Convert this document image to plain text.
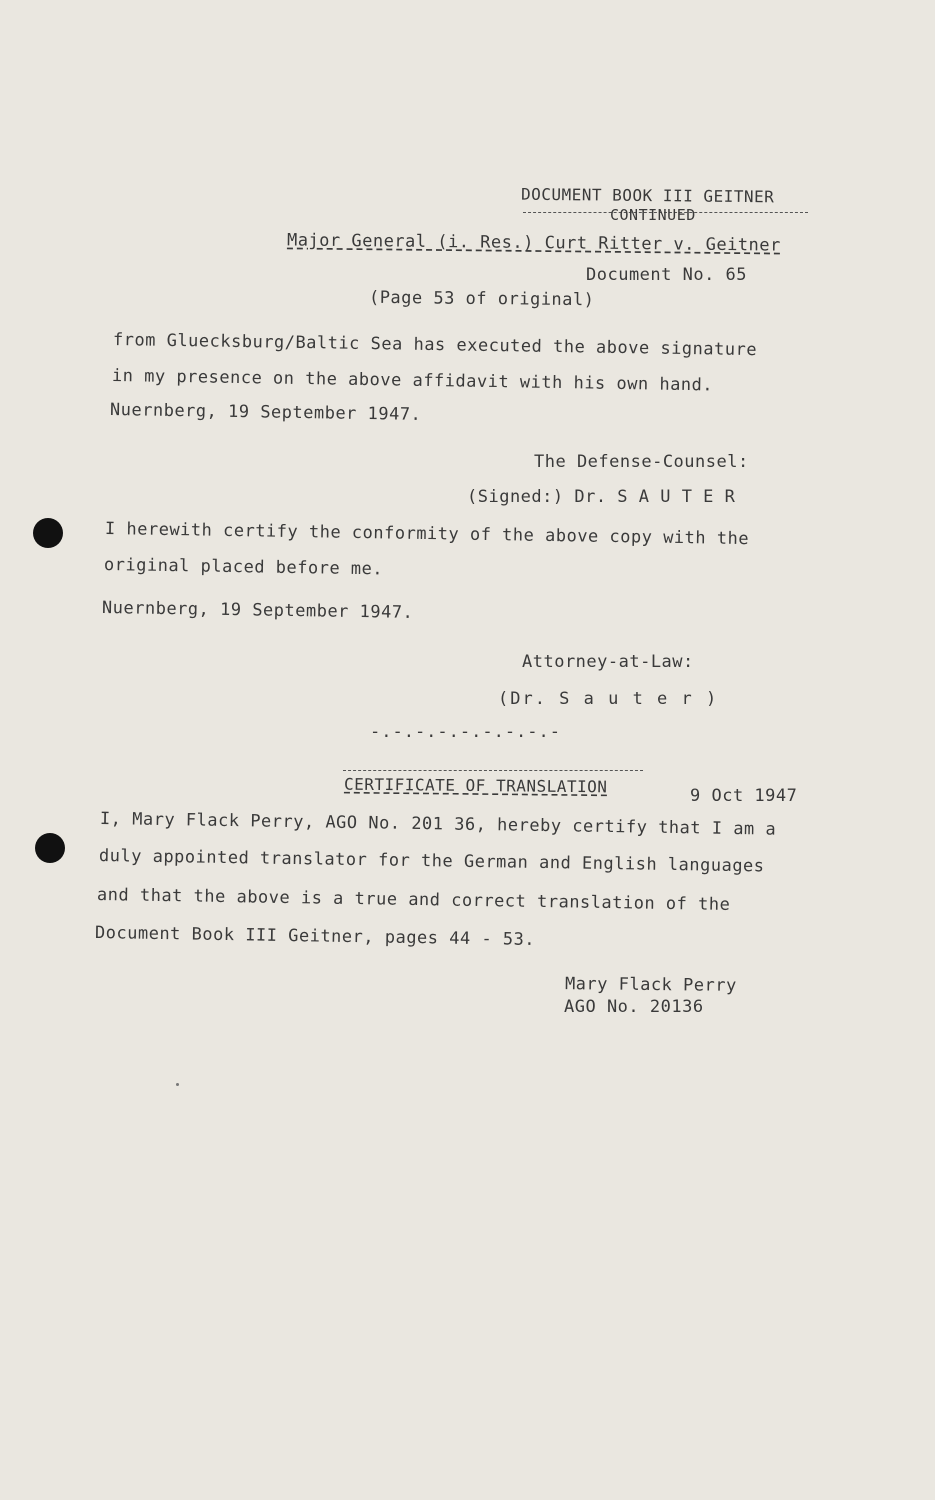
DOCUMENT BOOK III GEITNER
CONTINUED
Major General (i. Res.) Curt Ritter v. Geitner
Document No. 65
(Page 53 of original)
from Gluecksburg/Baltic Sea has executed the above signature
in my presence on the above affidavit with his own hand.
Nuernberg, 19 September 1947.
The Defense-Counsel:
(Signed:) Dr. S A U T E R
I herewith certify the conformity of the above copy with the
original placed before me.
Nuernberg, 19 September 1947.
Attorney-at-Law:
(Dr. S a u t e r )
-.-.-.-.-.-.-.-.-
CERTIFICATE OF TRANSLATION	9 Oct 1947
I, Mary Flack Perry, AGO No. 201 36, hereby certify that I am a
duly appointed translator for the German and English languages
and that the above is a true and correct translation of the
Document Book III Geitner, pages 44 - 53.
Mary Flack Perry
AGO No. 20136
